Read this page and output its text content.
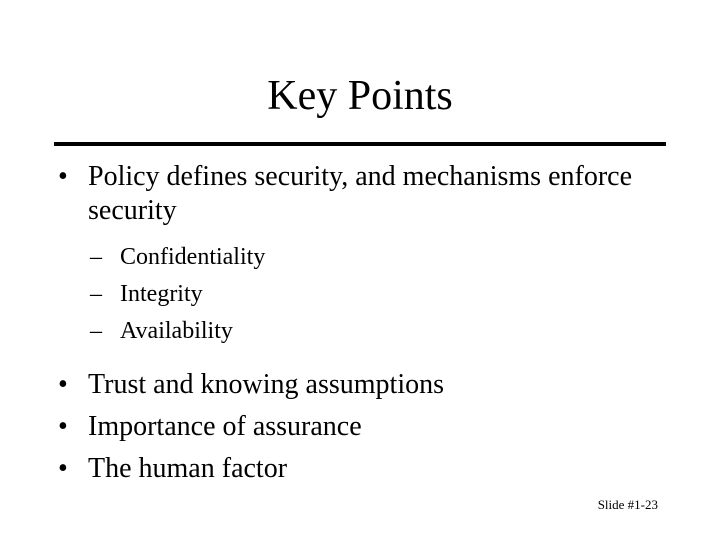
Key Points
• Policy defines security, and mechanisms enforce security
– Confidentiality
– Integrity
– Availability
• Trust and knowing assumptions
• Importance of assurance
• The human factor
Slide #1-23
